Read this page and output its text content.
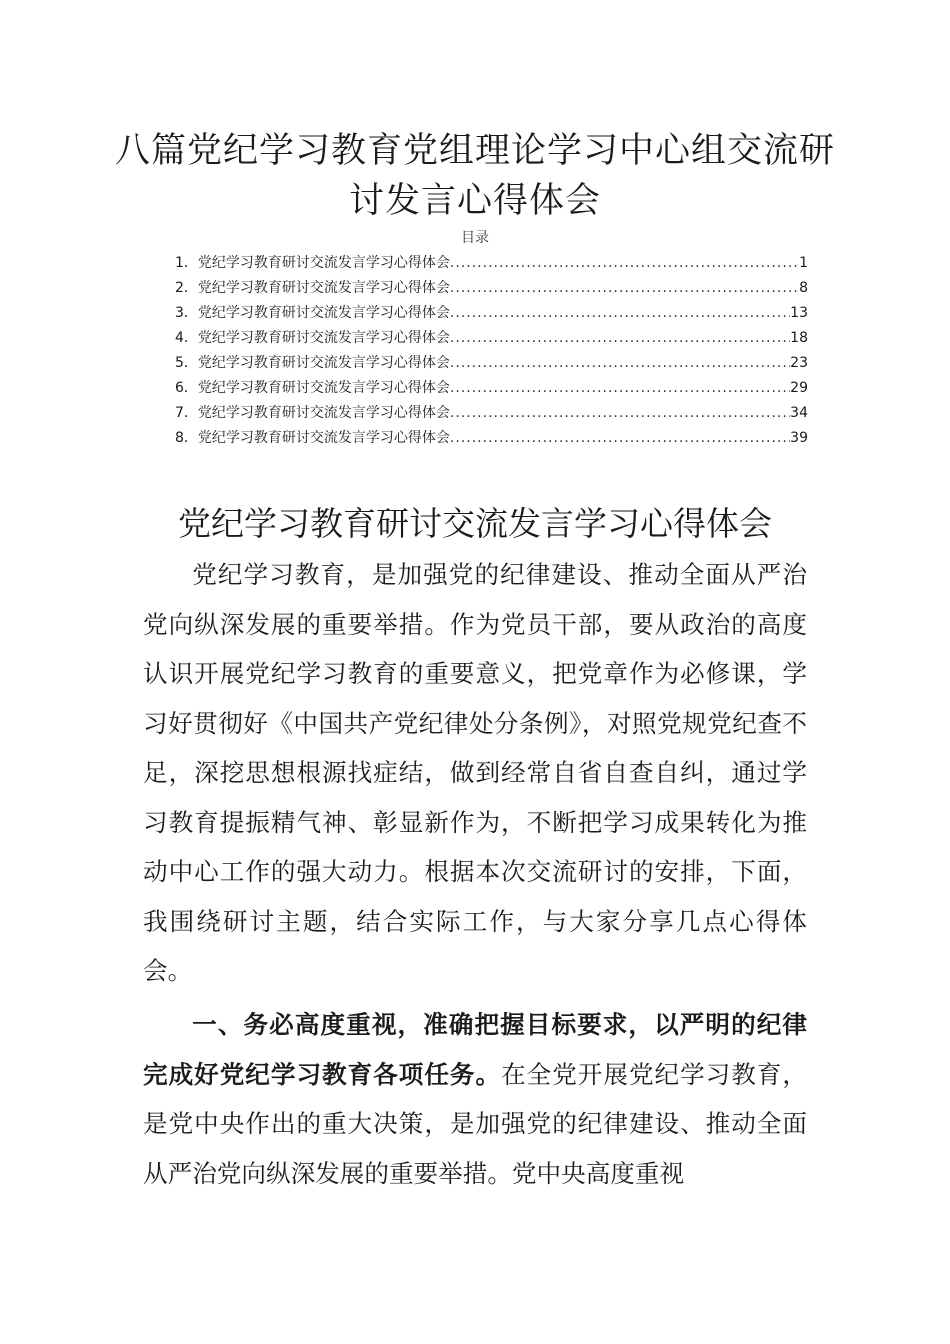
八篇党纪学习教育党组理论学习中心组交流研讨发言心得体会
目录
1． 党纪学习教育研讨交流发言学习心得体会 .....	1
2． 党纪学习教育研讨交流发言学习心得体会 .....	8
3． 党纪学习教育研讨交流发言学习心得体会 .....	13
4． 党纪学习教育研讨交流发言学习心得体会 .....	18
5． 党纪学习教育研讨交流发言学习心得体会 .....	23
6． 党纪学习教育研讨交流发言学习心得体会 .....	29
7． 党纪学习教育研讨交流发言学习心得体会 .....	34
8． 党纪学习教育研讨交流发言学习心得体会 .....	39
党纪学习教育研讨交流发言学习心得体会

党纪学习教育，是加强党的纪律建设、推动全面从严治党向纵深发展的重要举措。作为党员干部，要从政治的高度认识开展党纪学习教育的重要意义，把党章作为必修课，学习好贯彻好《中国共产党纪律处分条例》，对照党规党纪查不足，深挖思想根源找症结，做到经常自省自查自纠，通过学习教育提振精气神、彰显新作为，不断把学习成果转化为推动中心工作的强大动力。根据本次交流研讨的安排，下面，我围绕研讨主题，结合实际工作，与大家分享几点心得体会。

一、务必高度重视，准确把握目标要求，以严明的纪律完成好党纪学习教育各项任务。在全党开展党纪学习教育，是党中央作出的重大决策，是加强党的纪律建设、推动全面从严治党向纵深发展的重要举措。党中央高度重视
